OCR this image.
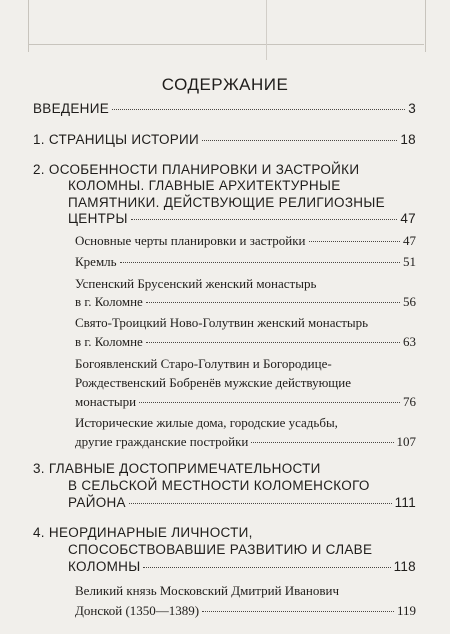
СОДЕРЖАНИЕ
ВВЕДЕНИЕ	3
1. СТРАНИЦЫ ИСТОРИИ	18
2. ОСОБЕННОСТИ ПЛАНИРОВКИ И ЗАСТРОЙКИ
КОЛОМНЫ. ГЛАВНЫЕ АРХИТЕКТУРНЫЕ
ПАМЯТНИКИ. ДЕЙСТВУЮЩИЕ РЕЛИГИОЗНЫЕ
ЦЕНТРЫ	47
Основные черты планировки и застройки	47
Кремль	51
Успенский Брусенский женский монастырь
в г. Коломне	56
Свято-Троицкий Ново-Голутвин женский монастырь
в г. Коломне	63
Богоявленский Старо-Голутвин и Богородице-
Рождественский Бобренёв мужские действующие
монастыри	76
Исторические жилые дома, городские усадьбы,
другие гражданские постройки	107
3. ГЛАВНЫЕ ДОСТОПРИМЕЧАТЕЛЬНОСТИ
В СЕЛЬСКОЙ МЕСТНОСТИ КОЛОМЕНСКОГО
РАЙОНА	111
4. НЕОРДИНАРНЫЕ ЛИЧНОСТИ,
СПОСОБСТВОВАВШИЕ РАЗВИТИЮ И СЛАВЕ
КОЛОМНЫ	118
Великий князь Московский Дмитрий Иванович
Донской (1350—1389)	119
